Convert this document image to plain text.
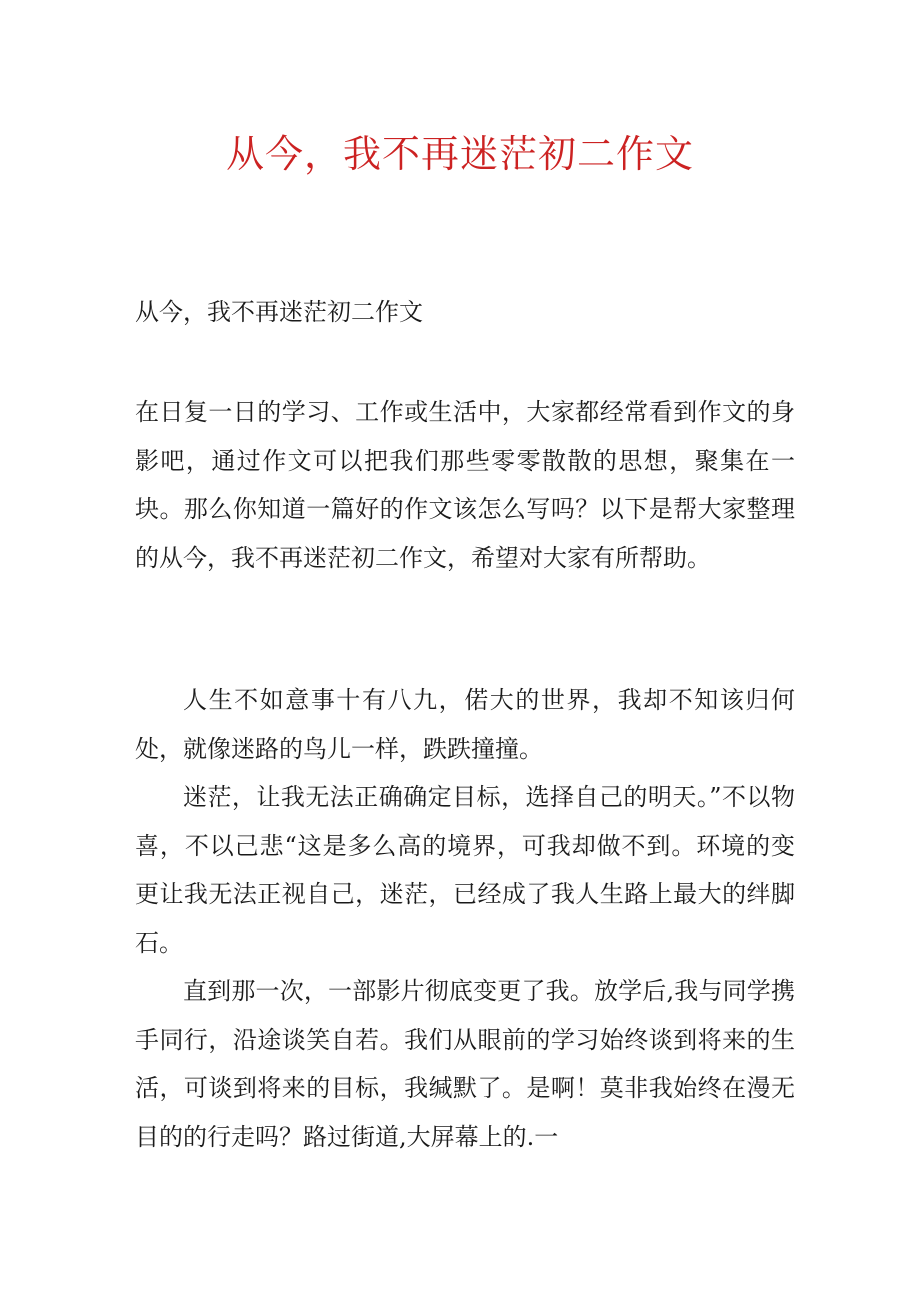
从今，我不再迷茫初二作文

从今，我不再迷茫初二作文

在日复一日的学习、工作或生活中，大家都经常看到作文的身影吧，通过作文可以把我们那些零零散散的思想，聚集在一块。那么你知道一篇好的作文该怎么写吗？以下是帮大家整理的从今，我不再迷茫初二作文，希望对大家有所帮助。

人生不如意事十有八九，偌大的世界，我却不知该归何处，就像迷路的鸟儿一样，跌跌撞撞。

迷茫，让我无法正确确定目标，选择自己的明天。”不以物喜，不以己悲“这是多么高的境界，可我却做不到。环境的变更让我无法正视自己，迷茫，已经成了我人生路上最大的绊脚石。

直到那一次，一部影片彻底变更了我。放学后,我与同学携手同行，沿途谈笑自若。我们从眼前的学习始终谈到将来的生活，可谈到将来的目标，我缄默了。是啊！莫非我始终在漫无目的的行走吗？路过街道,大屏幕上的.一
